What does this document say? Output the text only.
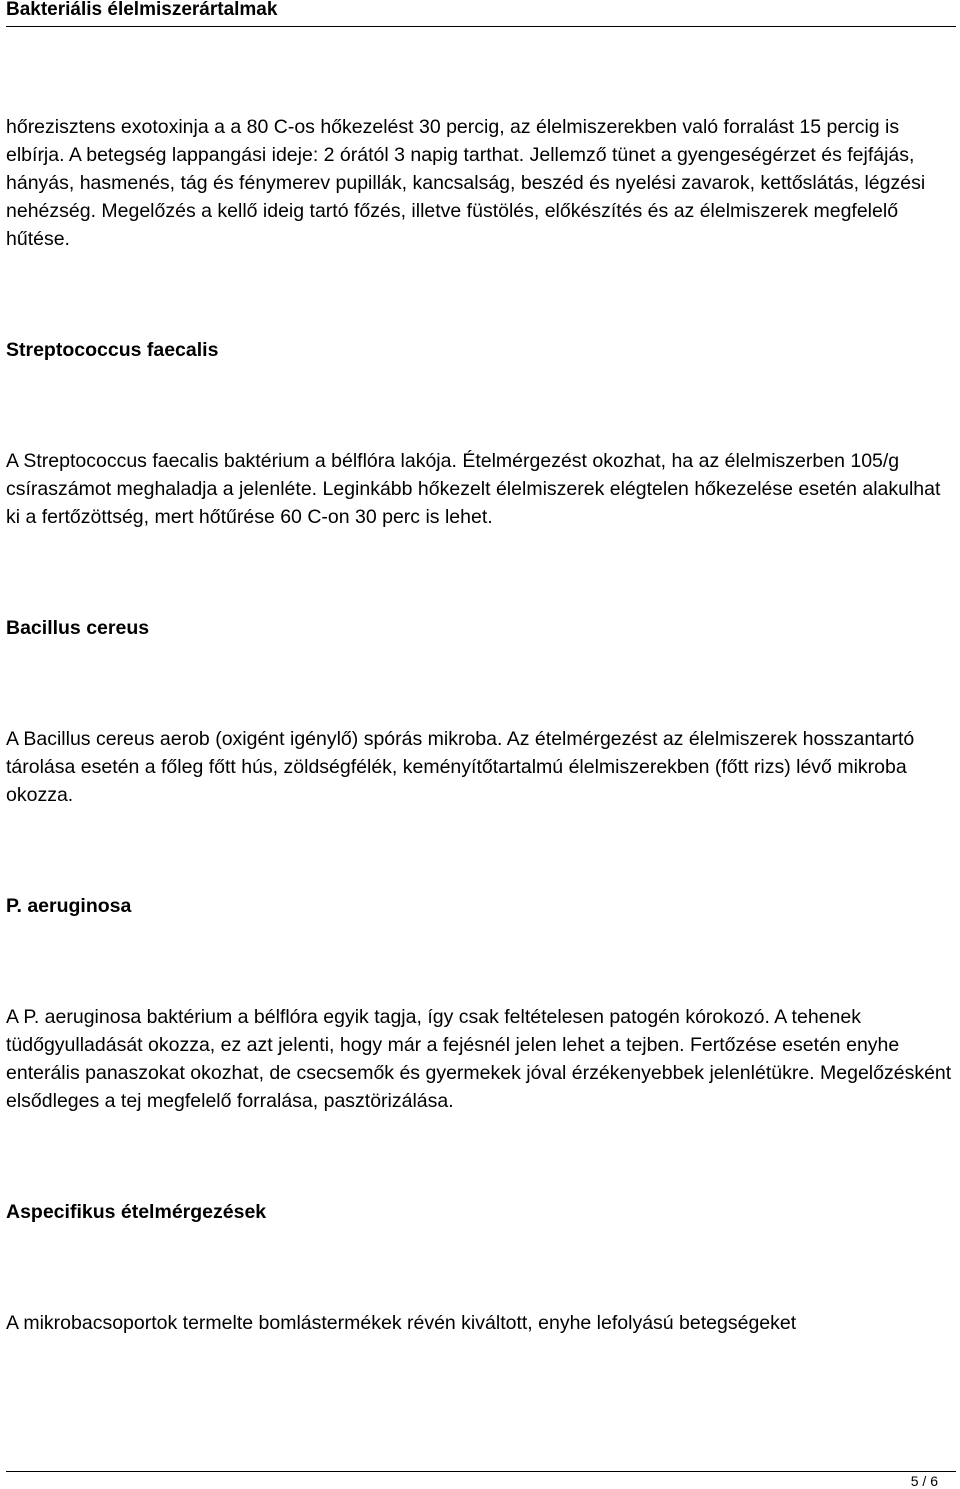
Bakteriális élelmiszerártalmak

hőrezisztens exotoxinja a a 80 C-os hőkezelést 30 percig, az élelmiszerekben való forralást 15 percig is elbírja. A betegség lappangási ideje: 2 órától 3 napig tarthat. Jellemző tünet a gyengeségérzet és fejfájás, hányás, hasmenés, tág és fénymerev pupillák, kancsalság, beszéd és nyelési zavarok, kettőslátás, légzési nehézség. Megelőzés a kellő ideig tartó főzés, illetve füstölés, előkészítés és az élelmiszerek megfelelő hűtése.

Streptococcus faecalis

A Streptococcus faecalis baktérium a bélflóra lakója. Ételmérgezést okozhat, ha az élelmiszerben 105/g csíraszámot meghaladja a jelenléte. Leginkább hőkezelt élelmiszerek elégtelen hőkezelése esetén alakulhat ki a fertőzöttség, mert hőtűrése 60 C-on 30 perc is lehet.

Bacillus cereus

A Bacillus cereus aerob (oxigént igénylő) spórás mikroba. Az ételmérgezést az élelmiszerek hosszantartó tárolása esetén a főleg főtt hús, zöldségfélék, keményítőtartalmú élelmiszerekben (főtt rizs) lévő mikroba okozza.

P. aeruginosa

A P. aeruginosa baktérium a bélflóra egyik tagja, így csak feltételesen patogén kórokozó. A tehenek tüdőgyulladását okozza, ez azt jelenti, hogy már a fejésnél jelen lehet a tejben. Fertőzése esetén enyhe enterális panaszokat okozhat, de csecsemők és gyermekek jóval érzékenyebbek jelenlétükre. Megelőzésként elsődleges a tej megfelelő forralása, pasztörizálása.

Aspecifikus ételmérgezések

A mikrobacsoportok termelte bomlástermékek révén kiváltott, enyhe lefolyású betegségeket

5 / 6
